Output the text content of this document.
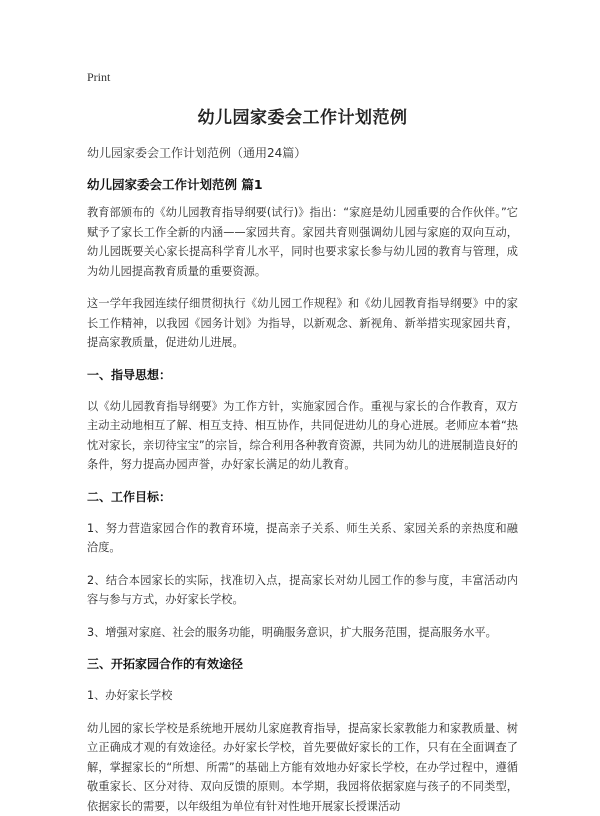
Print
幼儿园家委会工作计划范例
幼儿园家委会工作计划范例（通用24篇）
幼儿园家委会工作计划范例 篇1

教育部颁布的《幼儿园教育指导纲要(试行)》指出：“家庭是幼儿园重要的合作伙伴。”它赋予了家长工作全新的内涵——家园共育。家园共育则强调幼儿园与家庭的双向互动，幼儿园既要关心家长提高科学育儿水平，同时也要求家长参与幼儿园的教育与管理，成为幼儿园提高教育质量的重要资源。

这一学年我园连续仔细贯彻执行《幼儿园工作规程》和《幼儿园教育指导纲要》中的家长工作精神，以我园《园务计划》为指导，以新观念、新视角、新举措实现家园共育，提高家教质量，促进幼儿进展。

一、指导思想：

以《幼儿园教育指导纲要》为工作方针，实施家园合作。重视与家长的合作教育，双方主动主动地相互了解、相互支持、相互协作，共同促进幼儿的身心进展。老师应本着“热忱对家长，亲切待宝宝”的宗旨，综合利用各种教育资源，共同为幼儿的进展制造良好的条件，努力提高办园声誉，办好家长满足的幼儿教育。

二、工作目标：

1、努力营造家园合作的教育环境，提高亲子关系、师生关系、家园关系的亲热度和融洽度。

2、结合本园家长的实际，找准切入点，提高家长对幼儿园工作的参与度，丰富活动内容与参与方式，办好家长学校。

3、增强对家庭、社会的服务功能，明确服务意识，扩大服务范围，提高服务水平。

三、开拓家园合作的有效途径

1、办好家长学校

幼儿园的家长学校是系统地开展幼儿家庭教育指导，提高家长家教能力和家教质量、树立正确成才观的有效途径。办好家长学校，首先要做好家长的工作，只有在全面调查了解，掌握家长的“所想、所需”的基础上方能有效地办好家长学校，在办学过程中，遵循敬重家长、区分对待、双向反馈的原则。本学期，我园将依据家庭与孩子的不同类型，依据家长的需要，以年级组为单位有针对性地开展家长授课活动
